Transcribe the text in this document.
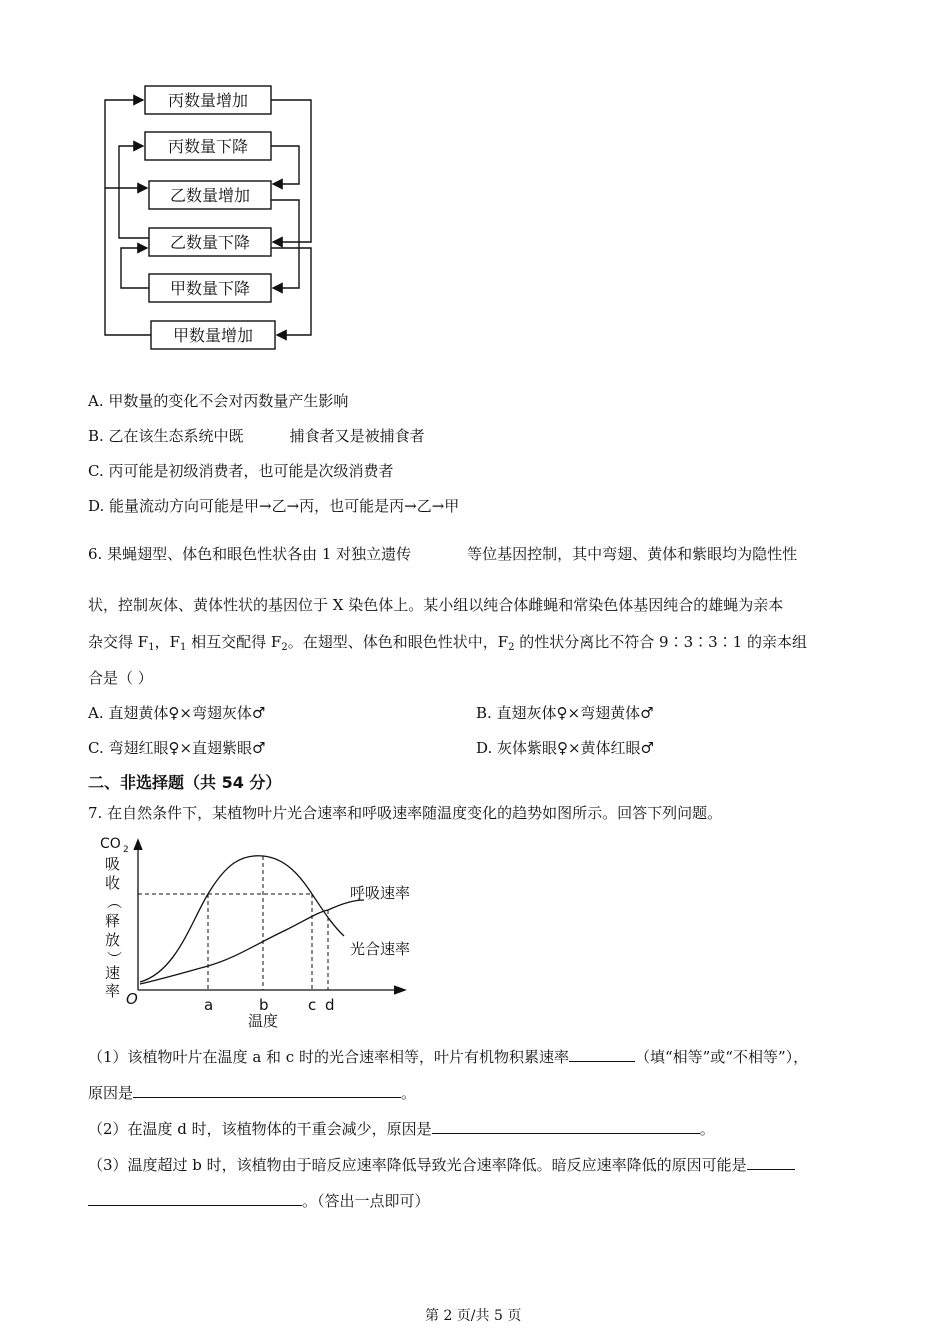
丙数量增加
丙数量下降
乙数量增加
乙数量下降
甲数量下降
甲数量增加
A. 甲数量的变化不会对丙数量产生影响
B. 乙在该生态系统中既	捕食者又是被捕食者
C. 丙可能是初级消费者，也可能是次级消费者
D. 能量流动方向可能是甲→乙→丙，也可能是丙→乙→甲
6. 果蝇翅型、体色和眼色性状各由 1 对独立遗传	等位基因控制，其中弯翅、黄体和紫眼均为隐性性
状，控制灰体、黄体性状的基因位于 X 染色体上。某小组以纯合体雌蝇和常染色体基因纯合的雄蝇为亲本
杂交得 $F_1$，$F_1$ 相互交配得 $F_2$。在翅型、体色和眼色性状中，$F_2$ 的性状分离比不符合 9∶3∶3∶1 的亲本组
合是（ ）
A. 直翅黄体♀×弯翅灰体♂	B. 直翅灰体♀×弯翅黄体♂
C. 弯翅红眼♀×直翅紫眼♂	D. 灰体紫眼♀×黄体红眼♂
二、非选择题（共 54 分）
7. 在自然条件下，某植物叶片光合速率和呼吸速率随温度变化的趋势如图所示。回答下列问题。
CO 2
吸
收
︵
释
放
︶
速
率 O	a	b	c d
温度
呼吸速率
光合速率
（1）该植物叶片在温度 a 和 c 时的光合速率相等，叶片有机物积累速率	（填“相等”或“不相等”），
原因是	。
（2）在温度 d 时，该植物体的干重会减少，原因是	。
（3）温度超过 b 时，该植物由于暗反应速率降低导致光合速率降低。暗反应速率降低的原因可能是
。（答出一点即可）
第 2 页/共 5 页
